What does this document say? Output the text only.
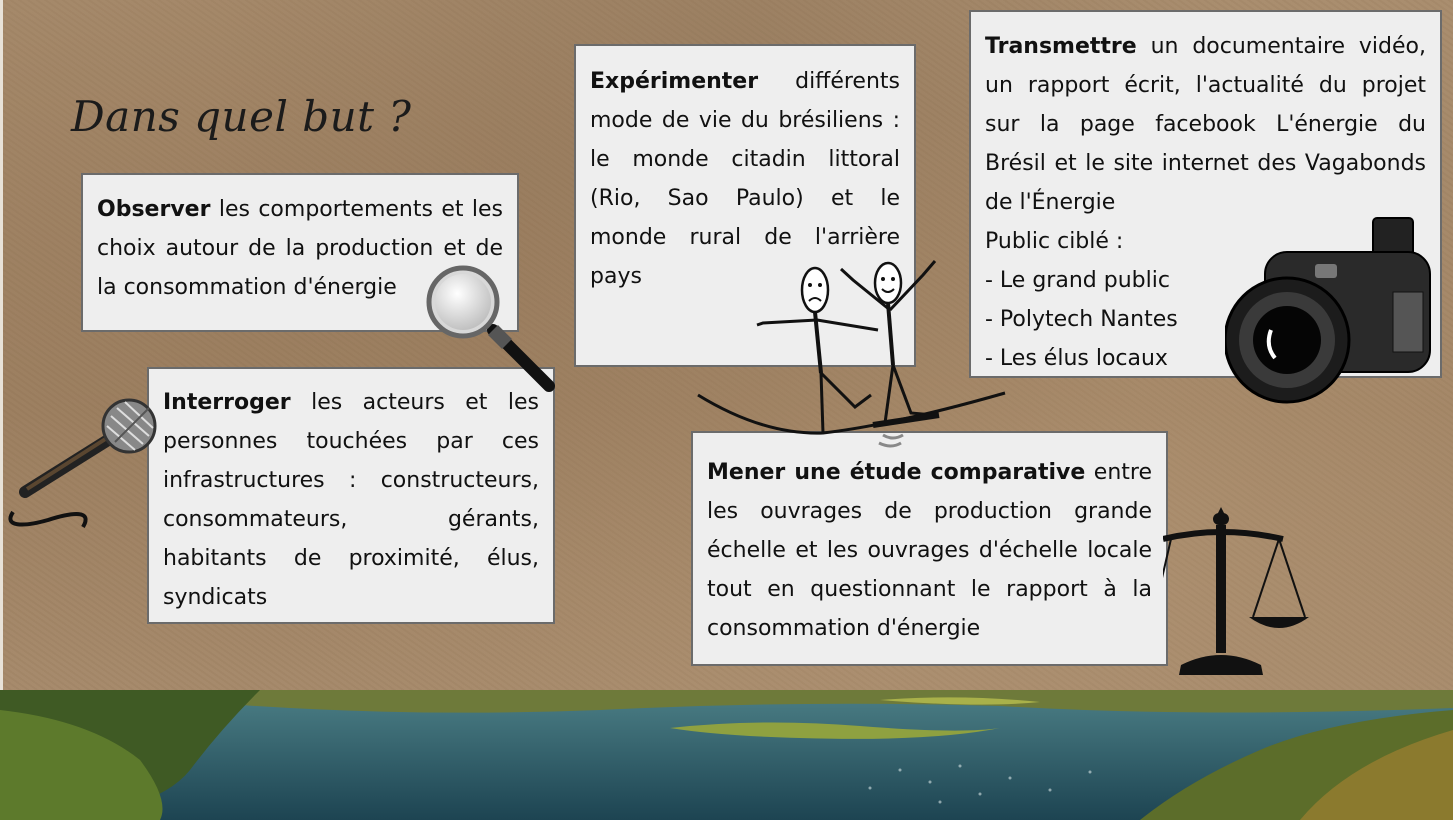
Dans quel but ?

Observer les comportements et les choix autour de la production et de la consommation d'énergie

Interroger les acteurs et les personnes touchées par ces infrastructures : constructeurs, consommateurs, gérants, habitants de proximité, élus, syndicats

Expérimenter différents mode de vie du brésiliens : le monde citadin littoral (Rio, Sao Paulo) et le monde rural de l'arrière pays

Transmettre un documentaire vidéo, un rapport écrit, l'actualité du projet sur la page facebook L'énergie du Brésil et le site internet des Vagabonds de l'Énergie

Public ciblé :

- Le grand public

- Polytech Nantes

- Les élus locaux

Mener une étude comparative entre les ouvrages de production grande échelle et les ouvrages d'échelle locale tout en questionnant le rapport à la consommation d'énergie
